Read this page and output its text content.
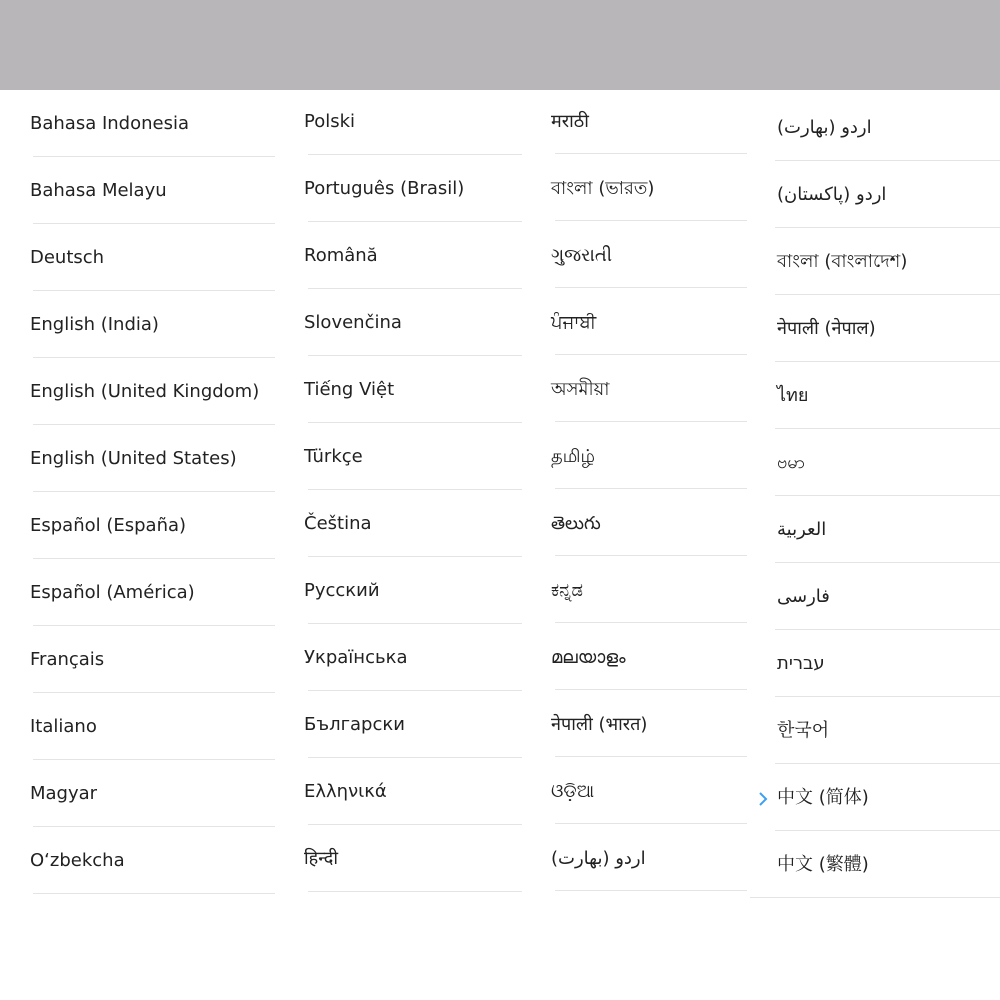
Bahasa Indonesia
Bahasa Melayu
Deutsch
English (India)
English (United Kingdom)
English (United States)
Español (España)
Español (América)
Français
Italiano
Magyar
O‘zbekcha
Polski
Português (Brasil)
Română
Slovenčina
Tiếng Việt
Türkçe
Čeština
Русский
Українська
Български
Ελληνικά
हिन्दी
मराठी
বাংলা (ভারত)
ગુજરાતી
ਪੰਜਾਬੀ
অসমীয়া
தமிழ்
తెలుగు
ಕನ್ನಡ
മലയാളം
नेपाली (भारत)
ଓଡ଼ିଆ
اردو (بھارت)
اردو (بھارت)
اردو (پاکستان)
বাংলা (বাংলাদেশ)
नेपाली (नेपाल)
ไทย
ဗမာ
العربية
فارسی
עברית
한국어
中文 (简体)
中文 (繁體)
